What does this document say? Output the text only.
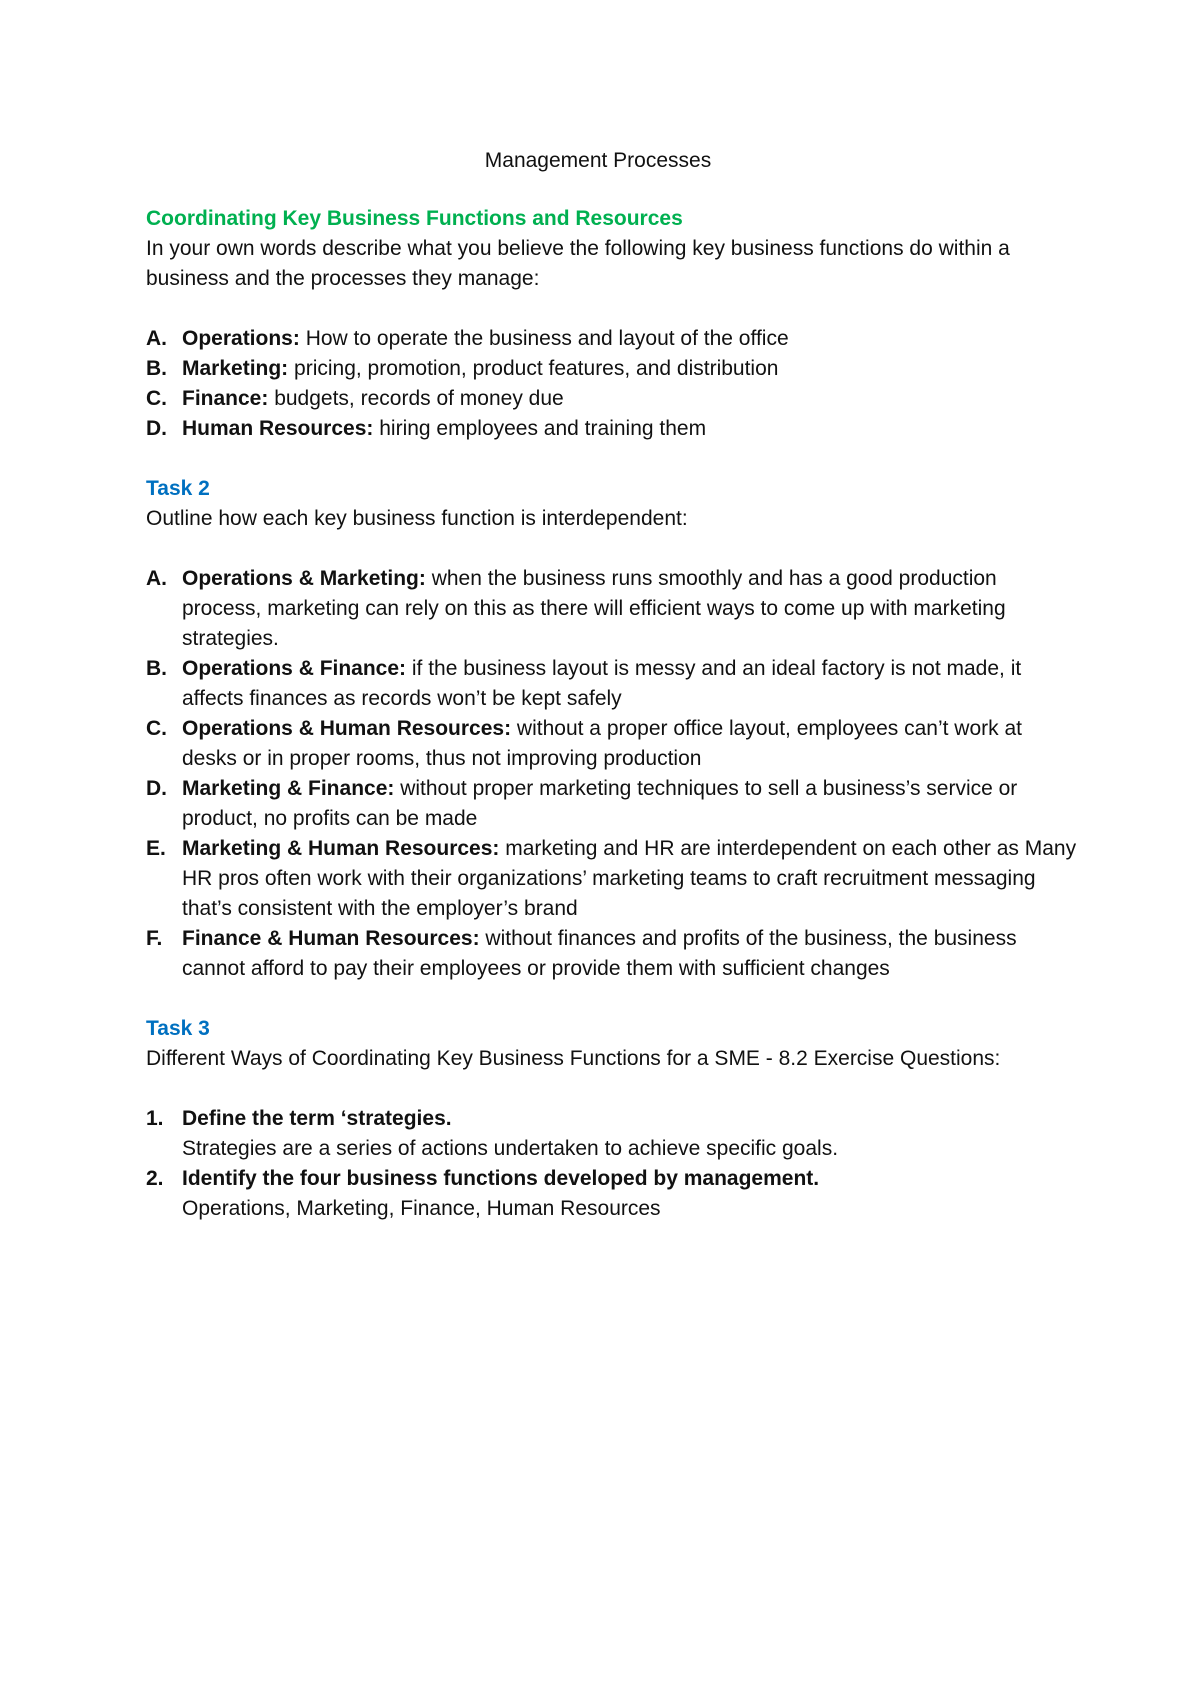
Management Processes

Coordinating Key Business Functions and Resources

In your own words describe what you believe the following key business functions do within a business and the processes they manage:

A. Operations: How to operate the business and layout of the office
B. Marketing: pricing, promotion, product features, and distribution
C. Finance: budgets, records of money due
D. Human Resources: hiring employees and training them

Task 2

Outline how each key business function is interdependent:

A. Operations & Marketing: when the business runs smoothly and has a good production process, marketing can rely on this as there will efficient ways to come up with marketing strategies.
B. Operations & Finance: if the business layout is messy and an ideal factory is not made, it affects finances as records won’t be kept safely
C. Operations & Human Resources: without a proper office layout, employees can’t work at desks or in proper rooms, thus not improving production
D. Marketing & Finance: without proper marketing techniques to sell a business’s service or product, no profits can be made
E. Marketing & Human Resources: marketing and HR are interdependent on each other as Many HR pros often work with their organizations’ marketing teams to craft recruitment messaging that’s consistent with the employer’s brand
F. Finance & Human Resources: without finances and profits of the business, the business cannot afford to pay their employees or provide them with sufficient changes

Task 3

Different Ways of Coordinating Key Business Functions for a SME - 8.2 Exercise Questions:

1. Define the term ‘strategies.
Strategies are a series of actions undertaken to achieve specific goals.
2. Identify the four business functions developed by management.
Operations, Marketing, Finance, Human Resources
